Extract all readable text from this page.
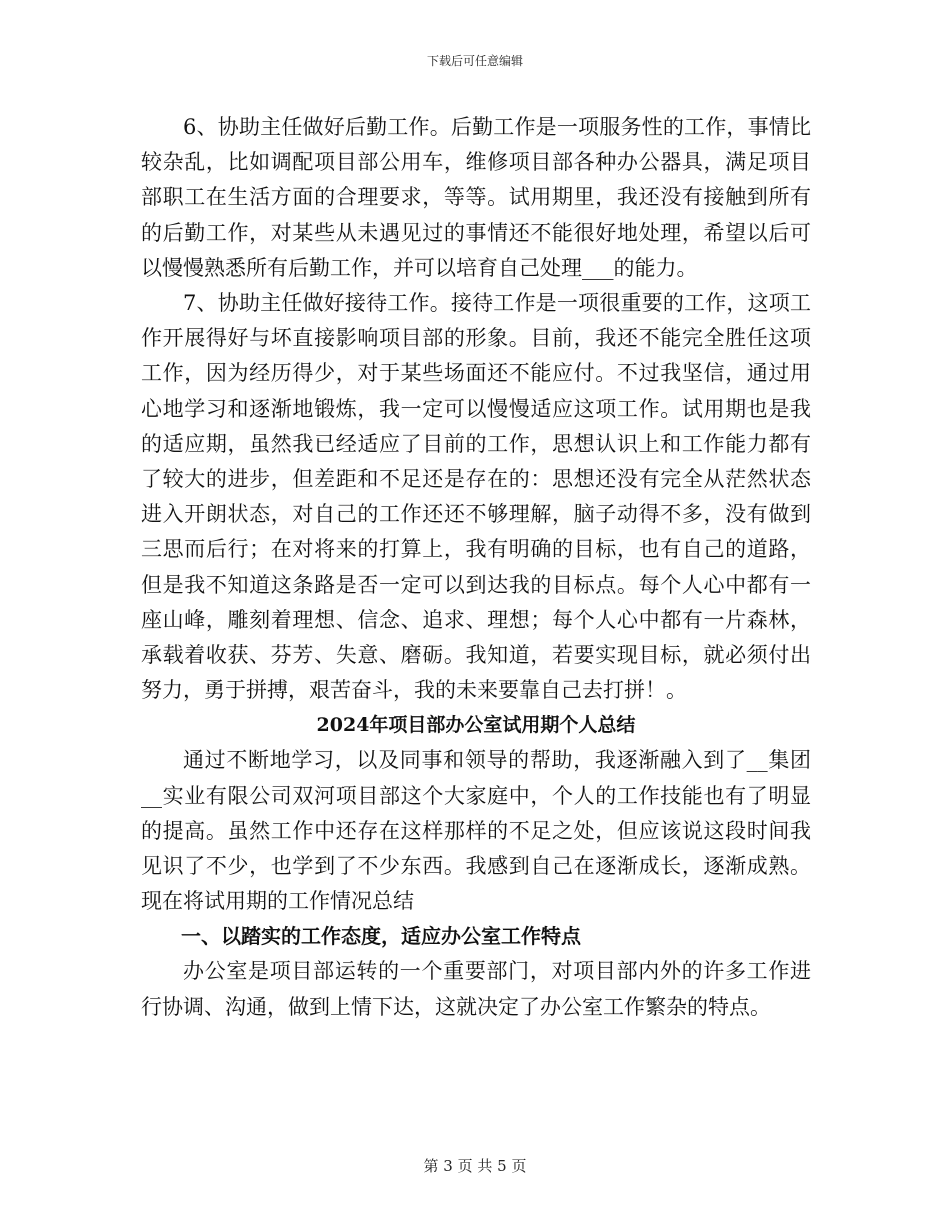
下载后可任意编辑

6、协助主任做好后勤工作。后勤工作是一项服务性的工作，事情比较杂乱，比如调配项目部公用车，维修项目部各种办公器具，满足项目部职工在生活方面的合理要求，等等。试用期里，我还没有接触到所有的后勤工作，对某些从未遇见过的事情还不能很好地处理，希望以后可以慢慢熟悉所有后勤工作，并可以培育自己处理___的能力。

7、协助主任做好接待工作。接待工作是一项很重要的工作，这项工作开展得好与坏直接影响项目部的形象。目前，我还不能完全胜任这项工作，因为经历得少，对于某些场面还不能应付。不过我坚信，通过用心地学习和逐渐地锻炼，我一定可以慢慢适应这项工作。试用期也是我的适应期，虽然我已经适应了目前的工作，思想认识上和工作能力都有了较大的进步，但差距和不足还是存在的：思想还没有完全从茫然状态进入开朗状态，对自己的工作还还不够理解，脑子动得不多，没有做到三思而后行；在对将来的打算上，我有明确的目标，也有自己的道路，但是我不知道这条路是否一定可以到达我的目标点。每个人心中都有一座山峰，雕刻着理想、信念、追求、理想；每个人心中都有一片森林，承载着收获、芬芳、失意、磨砺。我知道，若要实现目标，就必须付出努力，勇于拼搏，艰苦奋斗，我的未来要靠自己去打拼！。

2024年项目部办公室试用期个人总结

通过不断地学习，以及同事和领导的帮助，我逐渐融入到了__集团__实业有限公司双河项目部这个大家庭中，个人的工作技能也有了明显的提高。虽然工作中还存在这样那样的不足之处，但应该说这段时间我见识了不少，也学到了不少东西。我感到自己在逐渐成长，逐渐成熟。现在将试用期的工作情况总结

一、以踏实的工作态度，适应办公室工作特点

办公室是项目部运转的一个重要部门，对项目部内外的许多工作进行协调、沟通，做到上情下达，这就决定了办公室工作繁杂的特点。

第 3 页 共 5 页
